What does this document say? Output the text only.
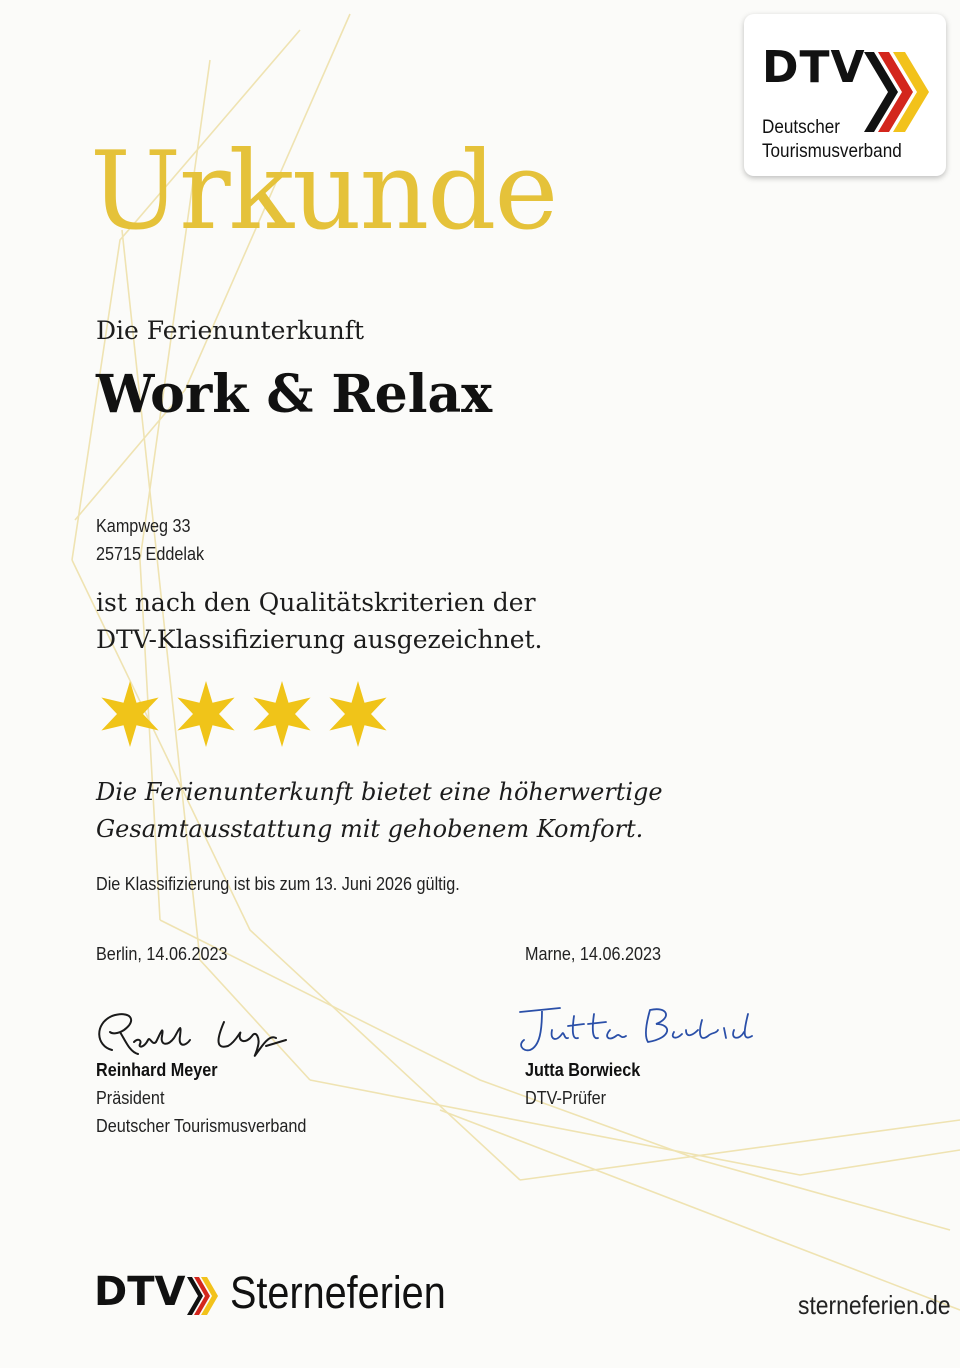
DTV
Deutscher
Tourismusverband
Urkunde
Die Ferienunterkunft
Work & Relax
Kampweg 33
25715 Eddelak
ist nach den Qualitätskriterien der
DTV-Klassifizierung ausgezeichnet.
Die Ferienunterkunft bietet eine höherwertige
Gesamtausstattung mit gehobenem Komfort.
Die Klassifizierung ist bis zum 13. Juni 2026 gültig.
Berlin, 14.06.2023
Reinhard Meyer
Präsident
Deutscher Tourismusverband
Marne, 14.06.2023
Jutta Borwieck
DTV-Prüfer
DTV Sterneferien	sterneferien.de
